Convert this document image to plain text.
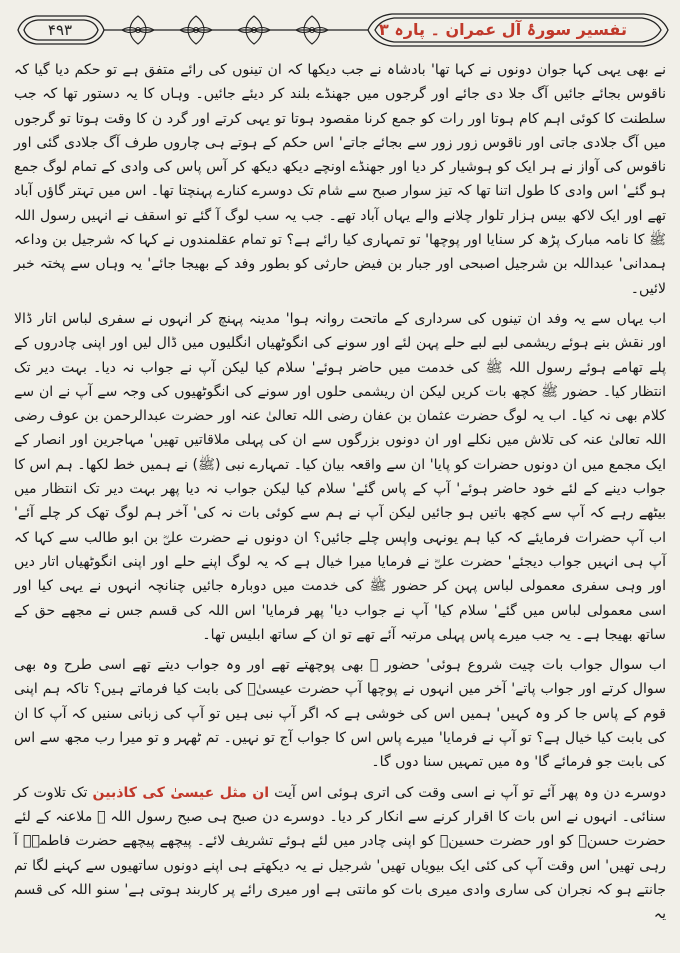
۴۹۳	تفسیر سورۂ آل عمران ۔ پارہ ۳

نے بھی یہی کہا جوان دونوں نے کہا تھا' بادشاہ نے جب دیکھا کہ ان تینوں کی رائے متفق ہے تو حکم دیا گیا کہ ناقوس بجائے جائیں آگ جلا دی جائے اور گرجوں میں جھنڈے بلند کر دیئے جائیں۔ وہاں کا یہ دستور تھا کہ جب سلطنت کا کوئی اہم کام ہوتا اور رات کو جمع کرنا مقصود ہوتا تو یہی کرتے اور گرد ن کا وقت ہوتا تو گرجوں میں آگ جلادی جاتی اور ناقوس زور زور سے بجائے جاتے' اس حکم کے ہوتے ہی چاروں طرف آگ جلادی گئی اور ناقوس کی آواز نے ہر ایک کو ہوشیار کر دیا اور جھنڈے اونچے دیکھ دیکھ کر آس پاس کی وادی کے تمام لوگ جمع ہو گئے' اس وادی کا طول اتنا تھا کہ تیز سوار صبح سے شام تک دوسرے کنارے پہنچتا تھا۔ اس میں تہتر گاؤں آباد تھے اور ایک لاکھ بیس ہزار تلوار چلانے والے یہاں آباد تھے۔ جب یہ سب لوگ آ گئے تو اسقف نے انہیں رسول اللہ ﷺ کا نامہ مبارک پڑھ کر سنایا اور پوچھا' تو تمہاری کیا رائے ہے؟ تو تمام عقلمندوں نے کہا کہ شرجیل بن وداعہ ہمدانی' عبداللہ بن شرجیل اصبحی اور جبار بن فیض حارثی کو بطور وفد کے بھیجا جائے' یہ وہاں سے پختہ خبر لائیں۔

اب یہاں سے یہ وفد ان تینوں کی سرداری کے ماتحت روانہ ہوا' مدینہ پہنچ کر انہوں نے سفری لباس اتار ڈالا اور نقش بنے ہوئے ریشمی لبے لبے حلے پہن لئے اور سونے کی انگوٹھیاں انگلیوں میں ڈال لیں اور اپنی چادروں کے پلے تھامے ہوئے رسول اللہ ﷺ کی خدمت میں حاضر ہوئے' سلام کیا لیکن آپ نے جواب نہ دیا۔ بہت دیر تک انتظار کیا۔ حضور ﷺ کچھ بات کریں لیکن ان ریشمی حلوں اور سونے کی انگوٹھیوں کی وجہ سے آپ نے ان سے کلام بھی نہ کیا۔ اب یہ لوگ حضرت عثمان بن عفان رضی اللہ تعالیٰ عنہ اور حضرت عبدالرحمن بن عوف رضی اللہ تعالیٰ عنہ کی تلاش میں نکلے اور ان دونوں بزرگوں سے ان کی پہلی ملاقاتیں تھیں' مہاجرین اور انصار کے ایک مجمع میں ان دونوں حضرات کو پایا' ان سے واقعہ بیان کیا۔ تمہارے نبی (ﷺ) نے ہمیں خط لکھا۔ ہم اس کا جواب دینے کے لئے خود حاضر ہوئے' آپ کے پاس گئے' سلام کیا لیکن جواب نہ دیا پھر بہت دیر تک انتظار میں بیٹھے رہے کہ آپ سے کچھ باتیں ہو جائیں لیکن آپ نے ہم سے کوئی بات نہ کی' آخر ہم لوگ تھک کر چلے آئے' اب آپ حضرات فرمایئے کہ کیا ہم یونہی واپس چلے جائیں؟ ان دونوں نے حضرت علیؓ بن ابو طالب سے کہا کہ آپ ہی انہیں جواب دیجئے' حضرت علیؓ نے فرمایا میرا خیال ہے کہ یہ لوگ اپنے حلے اور اپنی انگوٹھیاں اتار دیں اور وہی سفری معمولی لباس پہن کر حضور ﷺ کی خدمت میں دوبارہ جائیں چنانچہ انہوں نے یہی کیا اور اسی معمولی لباس میں گئے' سلام کیا' آپ نے جواب دیا' پھر فرمایا' اس اللہ کی قسم جس نے مجھے حق کے ساتھ بھیجا ہے۔ یہ جب میرے پاس پہلی مرتبہ آئے تھے تو ان کے ساتھ ابلیس تھا۔

اب سوال جواب بات چیت شروع ہوئی' حضور ﷺ بھی پوچھتے تھے اور وہ جواب دیتے تھے اسی طرح وہ بھی سوال کرتے اور جواب پاتے' آخر میں انہوں نے پوچھا آپ حضرت عیسیٰؑ کی بابت کیا فرماتے ہیں؟ تاکہ ہم اپنی قوم کے پاس جا کر وہ کہیں' ہمیں اس کی خوشی ہے کہ اگر آپ نبی ہیں تو آپ کی زبانی سنیں کہ آپ کا ان کی بابت کیا خیال ہے؟ تو آپ نے فرمایا' میرے پاس اس کا جواب آج تو نہیں۔ تم ٹھہر و تو میرا رب مجھ سے اس کی بابت جو فرمائے گا' وہ میں تمہیں سنا دوں گا۔

دوسرے دن وہ پھر آئے تو آپ نے اسی وقت کی اتری ہوئی اس آیت ان مثل عیسیٰ کی کاذبین تک تلاوت کر سنائی۔ انہوں نے اس بات کا اقرار کرنے سے انکار کر دیا۔ دوسرے دن صبح ہی صبح رسول اللہ ﷺ ملاعنہ کے لئے حضرت حسنؓ کو اور حضرت حسینؓ کو اپنی چادر میں لئے ہوئے تشریف لائے۔ پیچھے پیچھے حضرت فاطمہؓ آ رہی تھیں' اس وقت آپ کی کئی ایک بیویاں تھیں' شرجیل نے یہ دیکھتے ہی اپنے دونوں ساتھیوں سے کہنے لگا تم جانتے ہو کہ نجران کی ساری وادی میری بات کو مانتی ہے اور میری رائے پر کاربند ہوتی ہے' سنو اللہ کی قسم یہ
